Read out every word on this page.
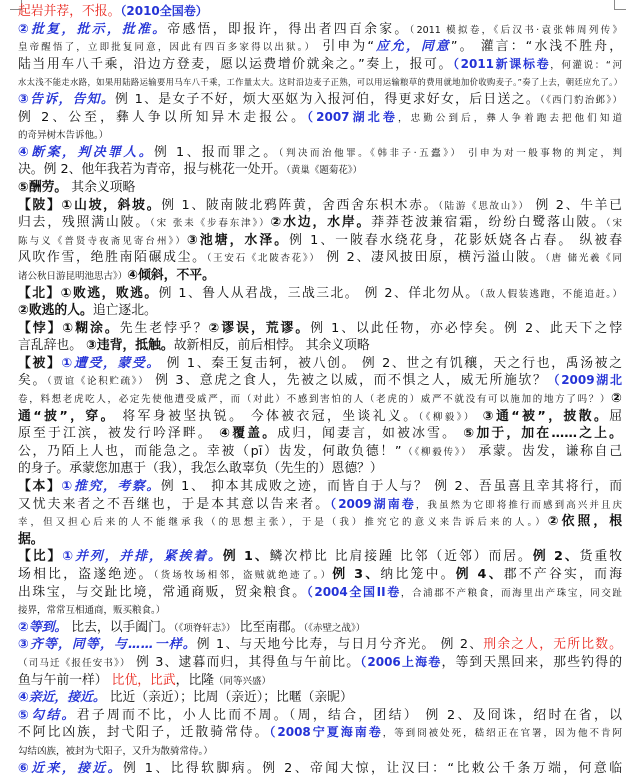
起岩并荐，不报。（2010全国卷）
②批复，批示，批准。帝感悟，即报许，得出者四百余家。（2011 模拟卷，《后汉书·袁张韩周列传》
皇帝醒悟了，立即批复同意，因此有四百多家得以出狱。） 引申为“应允，同意”。 灌言：“水浅不胜舟，
陆当用车八千乘，沿边方登麦，愿以运费增价就籴之。”奏上，报可。（2011新课标卷，何灌说：“河
水太浅不能走水路，如果用陆路运输要用马车八千乘，工作量太大。这时沿边麦子正熟，可以用运输粮草的费用就地加价收购麦子。”奏了上去，朝廷应允了。）
③告诉，告知。例 1、是女子不好，烦大巫妪为入报河伯，得更求好女，后日送之。（《西门豹治邺》）
例 2、公至，彝人争以所知异木走报公。（2007湖北卷，忠勤公到后，彝人争着跑去把他们知道
的奇异树木告诉他。）
④断案，判决罪人。例 1、报而罪之。（判决而治他罪。《韩非子·五蠹》） 引申为对一般事物的判定，判
决。例 2、他年我若为青帝，报与桃花一处开。（黄巢《题菊花》）
⑤酬劳。 其余义项略
【陂】①山坡，斜坡。例 1、陂南陂北鸦阵黄，舍西舍东枳木赤。（陆游《思故山》） 例 2、牛羊已
归去，残照满山陂。（宋 张耒《步春东津》）②水边，水岸。莽莽苍波兼宿霜，纷纷白鹭落山陂。（宋
陈与义《普贤寺夜斋见寄台州》）③池塘，水泽。例 1、一陂春水绕花身，花影妖娆各占春。 纵被春
风吹作雪，绝胜南陌碾成尘。（王安石《北陂杏花》） 例 2、凄风披田原，横污溢山陂。（唐 储光羲《同
诸公秋日游昆明池思古》）④倾斜，不平。
【北】①败逃，败逃。例 1、鲁人从君战，三战三北。 例 2、佯北勿从。（敌人假装逃跑，不能追赶。）
②败逃的人。追亡逐北。
【悖】①糊涂。先生老悖乎？②谬误，荒谬。例 1、以此任物，亦必悖矣。例 2、此天下之悖
言乱辞也。 ③违背，抵触。故新相反，前后相悖。 其余义项略
【被】①遭受，蒙受。 例 1、秦王复击轲，被八创。 例 2、世之有饥穰，天之行也，禹汤被之
矣。（贾谊《论积贮疏》） 例 3、意虎之食人，先被之以威，而不惧之人，威无所施欤？（2009湖北
卷，料想老虎吃人，必定先使他遭受威严，而（对此）不感到害怕的人（老虎的）威严不就没有可以施加的地方了吗？）②
通“披”，穿。 将军身被坚执锐。 今体被衣冠，坐谈礼义。（《柳毅》） ③通“被”，披散。屈
原至于江滨，被发行吟泽畔。 ④覆盖。成归，闻妻言，如被冰雪。 ⑤加于，加在……之上。
公，乃陌上人也，而能急之。幸被（pī）齿发，何敢负德！”（《柳毅传》） 承蒙。齿发，谦称自己
的身子。承蒙您加惠于（我），我怎么敢辜负（先生的）恩德？）
【本】①推究，考察。例 1、 抑本其成败之迹，而皆自于人与？ 例 2、吾虽喜且幸其将行，而
又忧夫来者之不吾继也，于是本其意以告来者。（2009湖南卷，我虽然为它即将推行而感到高兴并且庆
幸，但又担心后来的人不能继承我（的思想主张），于是（我）推究它的意义来告诉后来的人。）②依照，根
据。
【比】①并列，并排，紧挨着。例 1、鳞次栉比 比肩接踵 比邻（近邻）而居。例 2、货重牧
场相比，盗遂绝迹。（货场牧场相邻，盗贼就绝迹了。）例 3、纳比笼中。例 4、郡不产谷实，而海
出珠宝，与交趾比境，常通商贩，贸籴粮食。（2004全国II卷，合浦郡不产粮食，而海里出产珠宝，同交趾
接界，常常互相通商，贩买粮食。）
②等到。 比去，以手阖门。（《项脊轩志》） 比至南郡。（《赤壁之战》）
③齐等，同等，与……一样。例 1、与天地兮比寿，与日月兮齐光。 例 2、刑余之人，无所比数。
（司马迁《报任安书》） 例 3、逮暮而归，其得鱼与午前比。（2006上海卷，等到天黑回来，那些钓得的
鱼与午前一样） 比优，比武，比隆（同等兴盛）
④亲近，接近。 比近（亲近）；比周（亲近）；比暱（亲昵）
⑤勾结。君子周而不比，小人比而不周。（周，结合，团结） 例 2、及冏诛，绍时在省，以
不阿比凶族，封弋阳子，迁散骑常侍。（2008宁夏海南卷，等到冏被处死，嵇绍正在官署，因为他不肯阿
勾结凶族，被封为弋阳子，又升为散骑常侍。）
⑥近来，接近。例 1、比得软脚病。例 2、帝闻大惊，让汉曰：“比敕公千条万端，何意临
